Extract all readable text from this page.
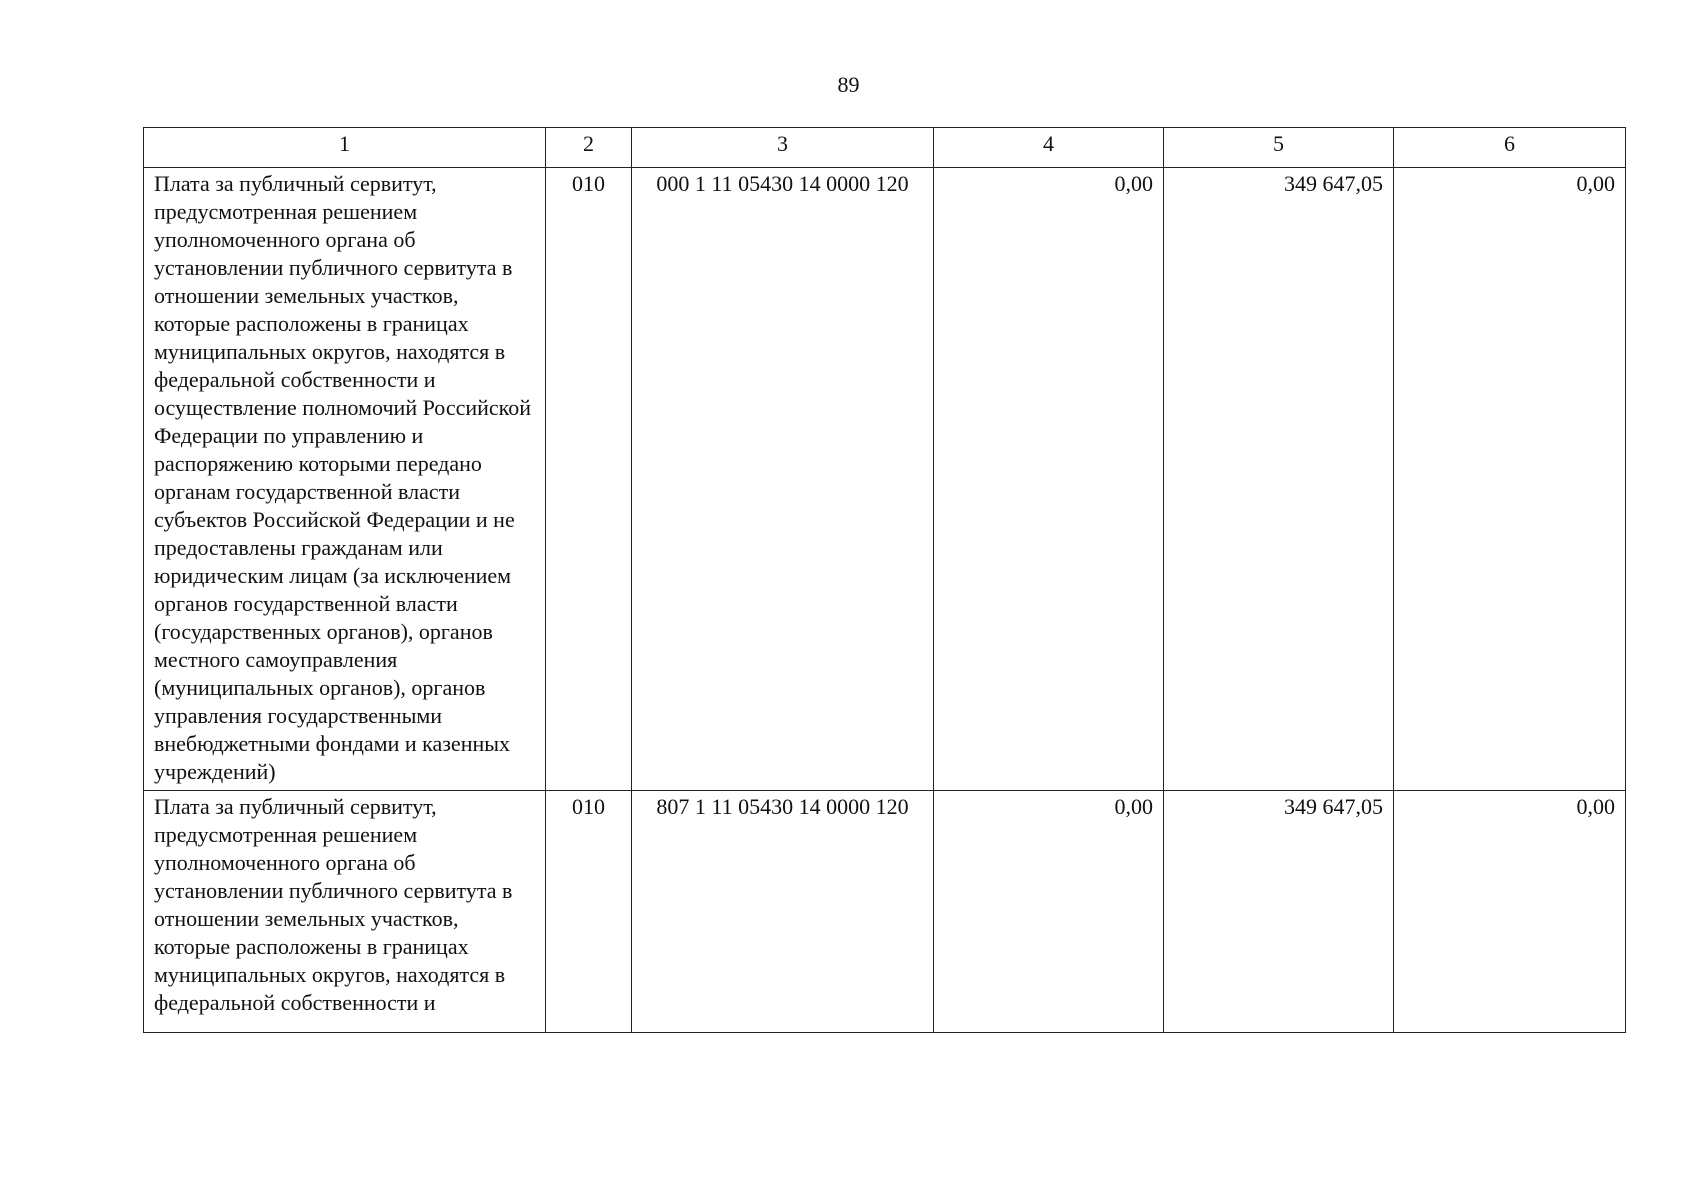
89
1	2	3	4	5	6
Плата за публичный сервитут, предусмотренная решением уполномоченного органа об установлении публичного сервитута в отношении земельных участков, которые расположены в границах муниципальных округов, находятся в федеральной собственности и осуществление полномочий Российской Федерации по управлению и распоряжению которыми передано органам государственной власти субъектов Российской Федерации и не предоставлены гражданам или юридическим лицам (за исключением органов государственной власти (государственных органов), органов местного самоуправления (муниципальных органов), органов управления государственными внебюджетными фондами и казенных учреждений)	010	000 1 11 05430 14 0000 120	0,00	349 647,05	0,00
Плата за публичный сервитут, предусмотренная решением уполномоченного органа об установлении публичного сервитута в отношении земельных участков, которые расположены в границах муниципальных округов, находятся в федеральной собственности и	010	807 1 11 05430 14 0000 120	0,00	349 647,05	0,00
